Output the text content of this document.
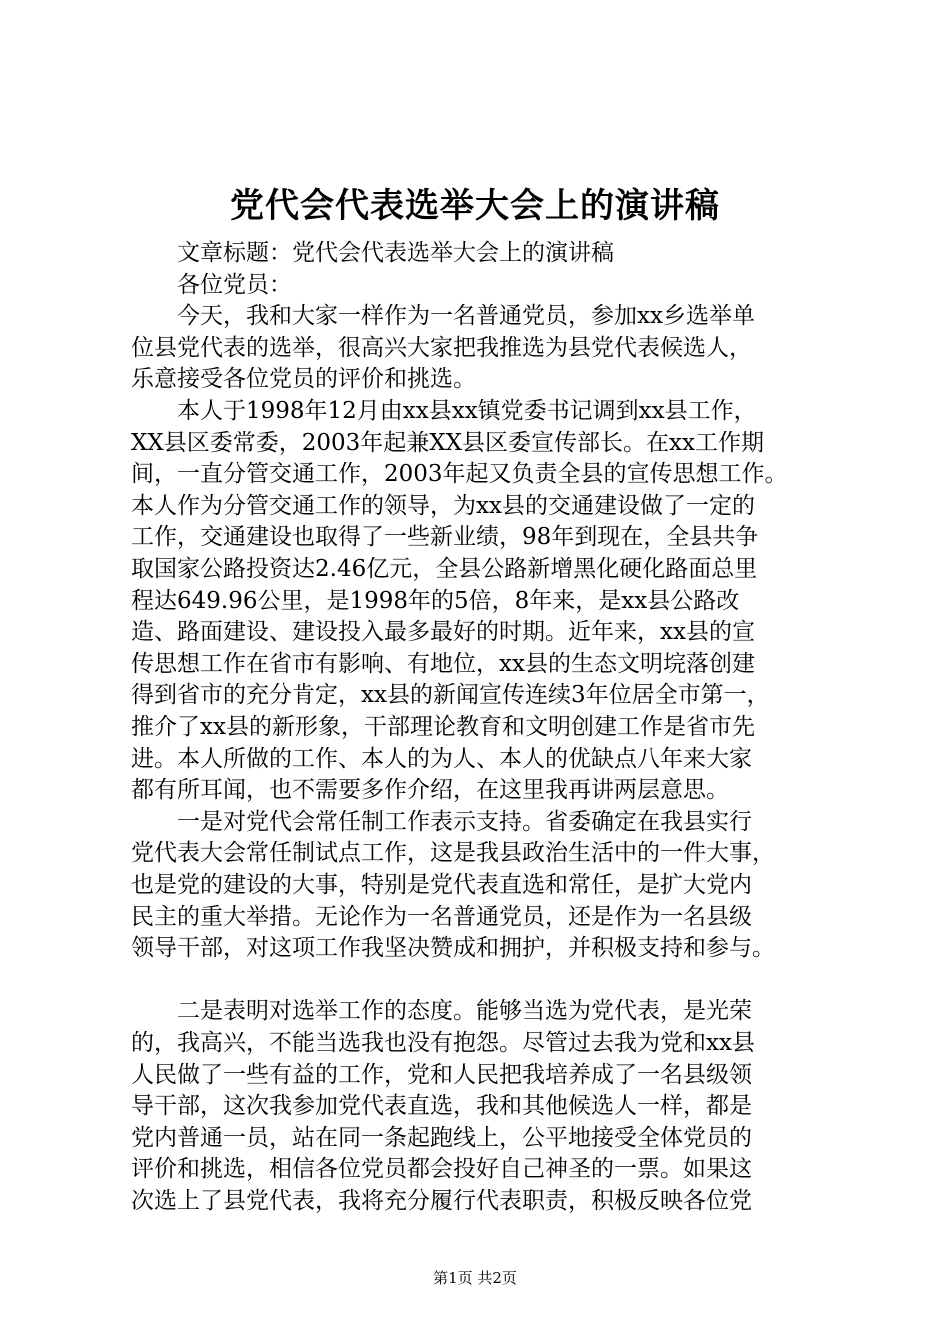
党代会代表选举大会上的演讲稿
　　文章标题：党代会代表选举大会上的演讲稿
　　各位党员：
　　今天，我和大家一样作为一名普通党员，参加xx乡选举单
位县党代表的选举，很高兴大家把我推选为县党代表候选人，
乐意接受各位党员的评价和挑选。
　　本人于1998年12月由xx县xx镇党委书记调到xx县工作，
XX县区委常委，2003年起兼XX县区委宣传部长。在xx工作期
间，一直分管交通工作，2003年起又负责全县的宣传思想工作。
本人作为分管交通工作的领导，为xx县的交通建设做了一定的
工作，交通建设也取得了一些新业绩，98年到现在，全县共争
取国家公路投资达2.46亿元，全县公路新增黑化硬化路面总里
程达649.96公里，是1998年的5倍，8年来，是xx县公路改
造、路面建设、建设投入最多最好的时期。近年来，xx县的宣
传思想工作在省市有影响、有地位，xx县的生态文明垸落创建
得到省市的充分肯定，xx县的新闻宣传连续3年位居全市第一，
推介了xx县的新形象，干部理论教育和文明创建工作是省市先
进。本人所做的工作、本人的为人、本人的优缺点八年来大家
都有所耳闻，也不需要多作介绍，在这里我再讲两层意思。
　　一是对党代会常任制工作表示支持。省委确定在我县实行
党代表大会常任制试点工作，这是我县政治生活中的一件大事，
也是党的建设的大事，特别是党代表直选和常任，是扩大党内
民主的重大举措。无论作为一名普通党员，还是作为一名县级
领导干部，对这项工作我坚决赞成和拥护，并积极支持和参与。
　　二是表明对选举工作的态度。能够当选为党代表，是光荣
的，我高兴，不能当选我也没有抱怨。尽管过去我为党和xx县
人民做了一些有益的工作，党和人民把我培养成了一名县级领
导干部，这次我参加党代表直选，我和其他候选人一样，都是
党内普通一员，站在同一条起跑线上，公平地接受全体党员的
评价和挑选，相信各位党员都会投好自己神圣的一票。如果这
次选上了县党代表，我将充分履行代表职责，积极反映各位党
第1页 共2页
